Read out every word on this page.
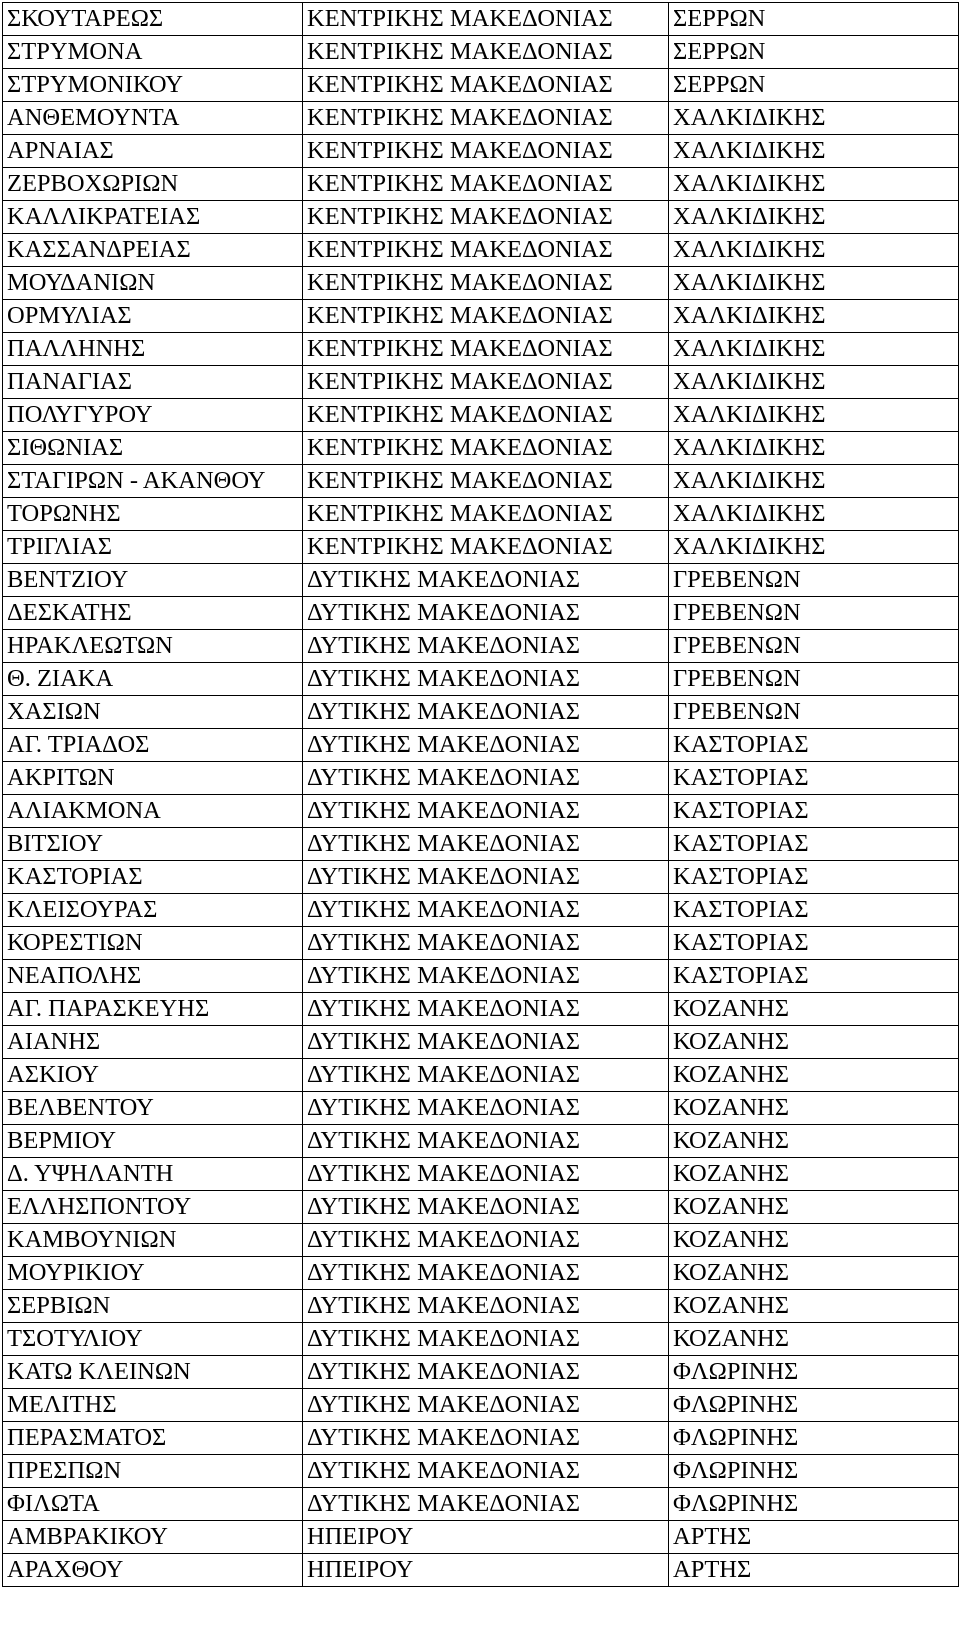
ΣΚΟΥΤΑΡΕΩΣ	ΚΕΝΤΡΙΚΗΣ ΜΑΚΕΔΟΝΙΑΣ	ΣΕΡΡΩΝ
ΣΤΡΥΜΟΝΑ	ΚΕΝΤΡΙΚΗΣ ΜΑΚΕΔΟΝΙΑΣ	ΣΕΡΡΩΝ
ΣΤΡΥΜΟΝΙΚΟΥ	ΚΕΝΤΡΙΚΗΣ ΜΑΚΕΔΟΝΙΑΣ	ΣΕΡΡΩΝ
ΑΝΘΕΜΟΥΝΤΑ	ΚΕΝΤΡΙΚΗΣ ΜΑΚΕΔΟΝΙΑΣ	ΧΑΛΚΙΔΙΚΗΣ
ΑΡΝΑΙΑΣ	ΚΕΝΤΡΙΚΗΣ ΜΑΚΕΔΟΝΙΑΣ	ΧΑΛΚΙΔΙΚΗΣ
ΖΕΡΒΟΧΩΡΙΩΝ	ΚΕΝΤΡΙΚΗΣ ΜΑΚΕΔΟΝΙΑΣ	ΧΑΛΚΙΔΙΚΗΣ
ΚΑΛΛΙΚΡΑΤΕΙΑΣ	ΚΕΝΤΡΙΚΗΣ ΜΑΚΕΔΟΝΙΑΣ	ΧΑΛΚΙΔΙΚΗΣ
ΚΑΣΣΑΝΔΡΕΙΑΣ	ΚΕΝΤΡΙΚΗΣ ΜΑΚΕΔΟΝΙΑΣ	ΧΑΛΚΙΔΙΚΗΣ
ΜΟΥΔΑΝΙΩΝ	ΚΕΝΤΡΙΚΗΣ ΜΑΚΕΔΟΝΙΑΣ	ΧΑΛΚΙΔΙΚΗΣ
ΟΡΜΥΛΙΑΣ	ΚΕΝΤΡΙΚΗΣ ΜΑΚΕΔΟΝΙΑΣ	ΧΑΛΚΙΔΙΚΗΣ
ΠΑΛΛΗΝΗΣ	ΚΕΝΤΡΙΚΗΣ ΜΑΚΕΔΟΝΙΑΣ	ΧΑΛΚΙΔΙΚΗΣ
ΠΑΝΑΓΙΑΣ	ΚΕΝΤΡΙΚΗΣ ΜΑΚΕΔΟΝΙΑΣ	ΧΑΛΚΙΔΙΚΗΣ
ΠΟΛΥΓΥΡΟΥ	ΚΕΝΤΡΙΚΗΣ ΜΑΚΕΔΟΝΙΑΣ	ΧΑΛΚΙΔΙΚΗΣ
ΣΙΘΩΝΙΑΣ	ΚΕΝΤΡΙΚΗΣ ΜΑΚΕΔΟΝΙΑΣ	ΧΑΛΚΙΔΙΚΗΣ
ΣΤΑΓΙΡΩΝ - ΑΚΑΝΘΟΥ	ΚΕΝΤΡΙΚΗΣ ΜΑΚΕΔΟΝΙΑΣ	ΧΑΛΚΙΔΙΚΗΣ
ΤΟΡΩΝΗΣ	ΚΕΝΤΡΙΚΗΣ ΜΑΚΕΔΟΝΙΑΣ	ΧΑΛΚΙΔΙΚΗΣ
ΤΡΙΓΛΙΑΣ	ΚΕΝΤΡΙΚΗΣ ΜΑΚΕΔΟΝΙΑΣ	ΧΑΛΚΙΔΙΚΗΣ
ΒΕΝΤΖΙΟΥ	ΔΥΤΙΚΗΣ ΜΑΚΕΔΟΝΙΑΣ	ΓΡΕΒΕΝΩΝ
ΔΕΣΚΑΤΗΣ	ΔΥΤΙΚΗΣ ΜΑΚΕΔΟΝΙΑΣ	ΓΡΕΒΕΝΩΝ
ΗΡΑΚΛΕΩΤΩΝ	ΔΥΤΙΚΗΣ ΜΑΚΕΔΟΝΙΑΣ	ΓΡΕΒΕΝΩΝ
Θ. ΖΙΑΚΑ	ΔΥΤΙΚΗΣ ΜΑΚΕΔΟΝΙΑΣ	ΓΡΕΒΕΝΩΝ
ΧΑΣΙΩΝ	ΔΥΤΙΚΗΣ ΜΑΚΕΔΟΝΙΑΣ	ΓΡΕΒΕΝΩΝ
ΑΓ. ΤΡΙΑΔΟΣ	ΔΥΤΙΚΗΣ ΜΑΚΕΔΟΝΙΑΣ	ΚΑΣΤΟΡΙΑΣ
ΑΚΡΙΤΩΝ	ΔΥΤΙΚΗΣ ΜΑΚΕΔΟΝΙΑΣ	ΚΑΣΤΟΡΙΑΣ
ΑΛΙΑΚΜΟΝΑ	ΔΥΤΙΚΗΣ ΜΑΚΕΔΟΝΙΑΣ	ΚΑΣΤΟΡΙΑΣ
ΒΙΤΣΙΟΥ	ΔΥΤΙΚΗΣ ΜΑΚΕΔΟΝΙΑΣ	ΚΑΣΤΟΡΙΑΣ
ΚΑΣΤΟΡΙΑΣ	ΔΥΤΙΚΗΣ ΜΑΚΕΔΟΝΙΑΣ	ΚΑΣΤΟΡΙΑΣ
ΚΛΕΙΣΟΥΡΑΣ	ΔΥΤΙΚΗΣ ΜΑΚΕΔΟΝΙΑΣ	ΚΑΣΤΟΡΙΑΣ
ΚΟΡΕΣΤΙΩΝ	ΔΥΤΙΚΗΣ ΜΑΚΕΔΟΝΙΑΣ	ΚΑΣΤΟΡΙΑΣ
ΝΕΑΠΟΛΗΣ	ΔΥΤΙΚΗΣ ΜΑΚΕΔΟΝΙΑΣ	ΚΑΣΤΟΡΙΑΣ
ΑΓ. ΠΑΡΑΣΚΕΥΗΣ	ΔΥΤΙΚΗΣ ΜΑΚΕΔΟΝΙΑΣ	ΚΟΖΑΝΗΣ
ΑΙΑΝΗΣ	ΔΥΤΙΚΗΣ ΜΑΚΕΔΟΝΙΑΣ	ΚΟΖΑΝΗΣ
ΑΣΚΙΟΥ	ΔΥΤΙΚΗΣ ΜΑΚΕΔΟΝΙΑΣ	ΚΟΖΑΝΗΣ
ΒΕΛΒΕΝΤΟΥ	ΔΥΤΙΚΗΣ ΜΑΚΕΔΟΝΙΑΣ	ΚΟΖΑΝΗΣ
ΒΕΡΜΙΟΥ	ΔΥΤΙΚΗΣ ΜΑΚΕΔΟΝΙΑΣ	ΚΟΖΑΝΗΣ
Δ. ΥΨΗΛΑΝΤΗ	ΔΥΤΙΚΗΣ ΜΑΚΕΔΟΝΙΑΣ	ΚΟΖΑΝΗΣ
ΕΛΛΗΣΠΟΝΤΟΥ	ΔΥΤΙΚΗΣ ΜΑΚΕΔΟΝΙΑΣ	ΚΟΖΑΝΗΣ
ΚΑΜΒΟΥΝΙΩΝ	ΔΥΤΙΚΗΣ ΜΑΚΕΔΟΝΙΑΣ	ΚΟΖΑΝΗΣ
ΜΟΥΡΙΚΙΟΥ	ΔΥΤΙΚΗΣ ΜΑΚΕΔΟΝΙΑΣ	ΚΟΖΑΝΗΣ
ΣΕΡΒΙΩΝ	ΔΥΤΙΚΗΣ ΜΑΚΕΔΟΝΙΑΣ	ΚΟΖΑΝΗΣ
ΤΣΟΤΥΛΙΟΥ	ΔΥΤΙΚΗΣ ΜΑΚΕΔΟΝΙΑΣ	ΚΟΖΑΝΗΣ
ΚΑΤΩ ΚΛΕΙΝΩΝ	ΔΥΤΙΚΗΣ ΜΑΚΕΔΟΝΙΑΣ	ΦΛΩΡΙΝΗΣ
ΜΕΛΙΤΗΣ	ΔΥΤΙΚΗΣ ΜΑΚΕΔΟΝΙΑΣ	ΦΛΩΡΙΝΗΣ
ΠΕΡΑΣΜΑΤΟΣ	ΔΥΤΙΚΗΣ ΜΑΚΕΔΟΝΙΑΣ	ΦΛΩΡΙΝΗΣ
ΠΡΕΣΠΩΝ	ΔΥΤΙΚΗΣ ΜΑΚΕΔΟΝΙΑΣ	ΦΛΩΡΙΝΗΣ
ΦΙΛΩΤΑ	ΔΥΤΙΚΗΣ ΜΑΚΕΔΟΝΙΑΣ	ΦΛΩΡΙΝΗΣ
ΑΜΒΡΑΚΙΚΟΥ	ΗΠΕΙΡΟΥ	ΑΡΤΗΣ
ΑΡΑΧΘΟΥ	ΗΠΕΙΡΟΥ	ΑΡΤΗΣ
